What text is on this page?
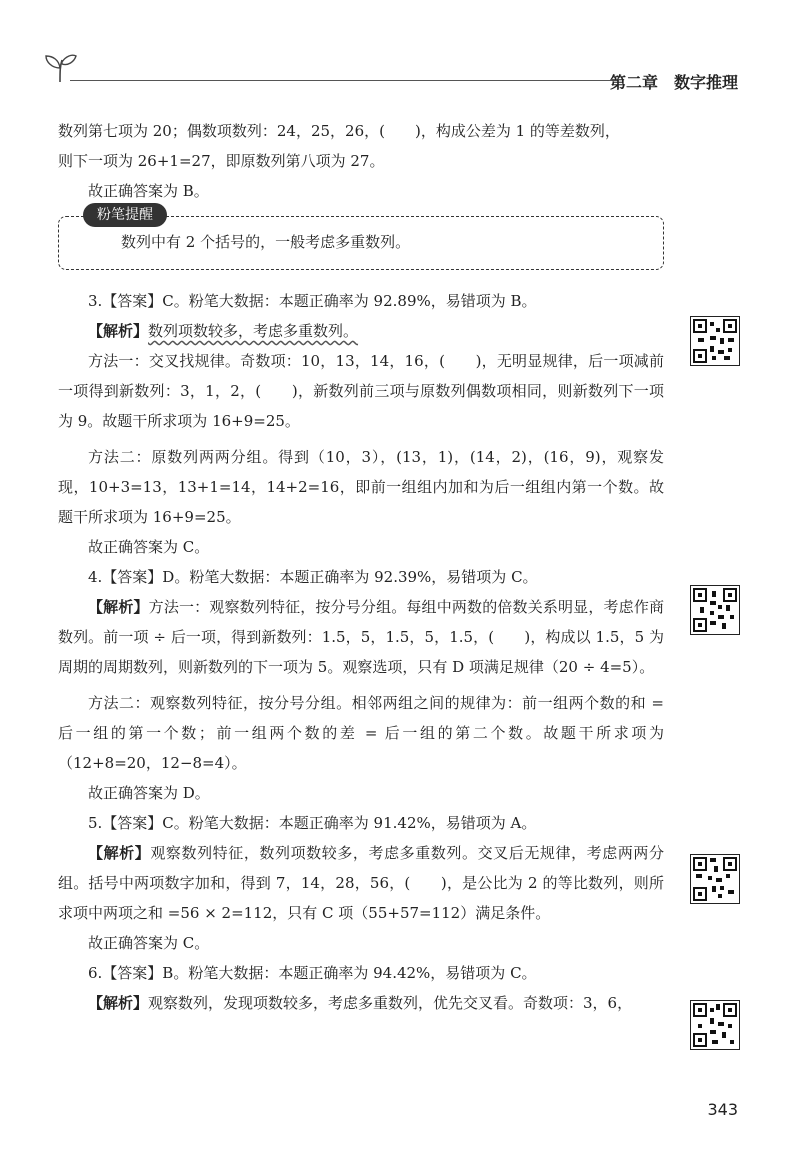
第二章　数字推理

数列第七项为 20；偶数项数列：24，25，26，(　　)，构成公差为 1 的等差数列，

则下一项为 26+1=27，即原数列第八项为 27。

故正确答案为 B。

粉笔提醒
数列中有 2 个括号的，一般考虑多重数列。

3.【答案】C。粉笔大数据：本题正确率为 92.89%，易错项为 B。

【解析】数列项数较多，考虑多重数列。

方法一：交叉找规律。奇数项：10，13，14，16，(　　)，无明显规律，后一项减前一项得到新数列：3，1，2，(　　)，新数列前三项与原数列偶数项相同，则新数列下一项为 9。故题干所求项为 16+9=25。

方法二：原数列两两分组。得到（10，3），(13，1)，(14，2)，(16，9)，观察发现，10+3=13，13+1=14，14+2=16，即前一组组内加和为后一组组内第一个数。故题干所求项为 16+9=25。

故正确答案为 C。

4.【答案】D。粉笔大数据：本题正确率为 92.39%，易错项为 C。

【解析】方法一：观察数列特征，按分号分组。每组中两数的倍数关系明显，考虑作商数列。前一项 ÷ 后一项，得到新数列：1.5，5，1.5，5，1.5，(　　)，构成以 1.5，5 为周期的周期数列，则新数列的下一项为 5。观察选项，只有 D 项满足规律（20 ÷ 4=5）。

方法二：观察数列特征，按分号分组。相邻两组之间的规律为：前一组两个数的和 = 后一组的第一个数；前一组两个数的差 = 后一组的第二个数。故题干所求项为（12+8=20，12−8=4）。

故正确答案为 D。

5.【答案】C。粉笔大数据：本题正确率为 91.42%，易错项为 A。

【解析】观察数列特征，数列项数较多，考虑多重数列。交叉后无规律，考虑两两分组。括号中两项数字加和，得到 7，14，28，56，(　　)，是公比为 2 的等比数列，则所求项中两项之和 =56 × 2=112，只有 C 项（55+57=112）满足条件。

故正确答案为 C。

6.【答案】B。粉笔大数据：本题正确率为 94.42%，易错项为 C。

【解析】观察数列，发现项数较多，考虑多重数列，优先交叉看。奇数项：3，6，

343
